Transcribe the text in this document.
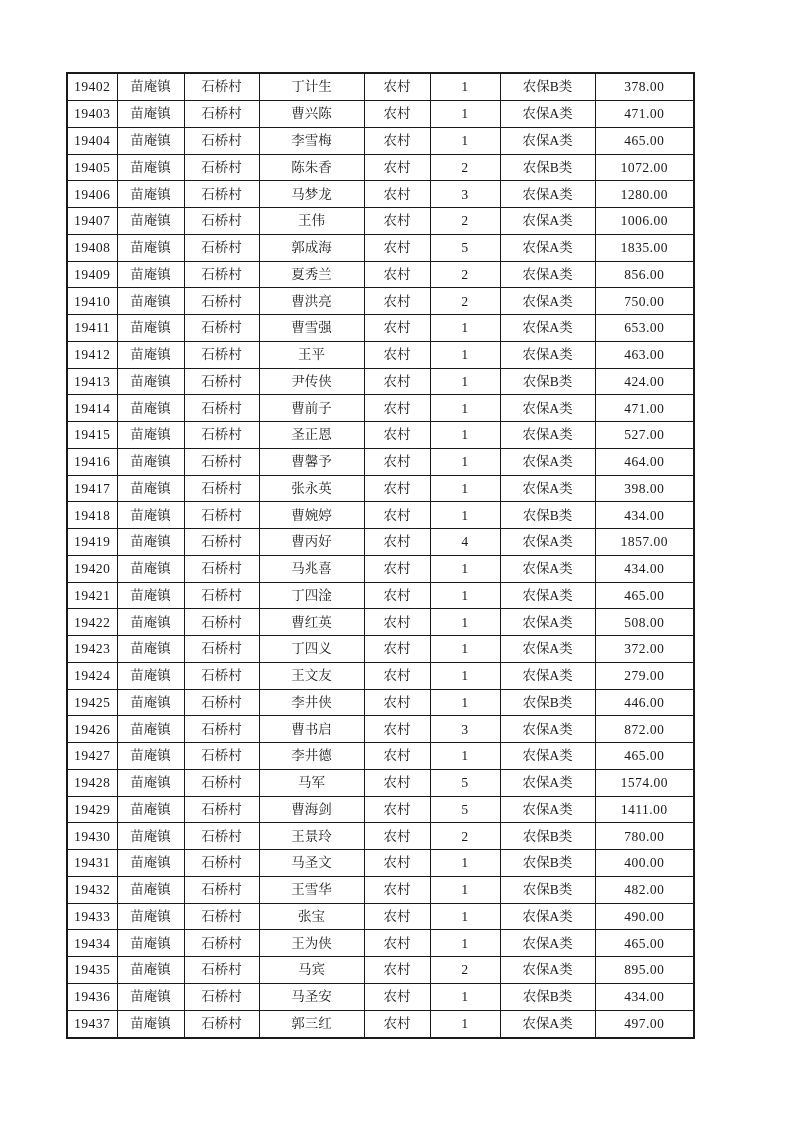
19402	苗庵镇	石桥村	丁计生	农村	1	农保B类	378.00
19403	苗庵镇	石桥村	曹兴陈	农村	1	农保A类	471.00
19404	苗庵镇	石桥村	李雪梅	农村	1	农保A类	465.00
19405	苗庵镇	石桥村	陈朱香	农村	2	农保B类	1072.00
19406	苗庵镇	石桥村	马梦龙	农村	3	农保A类	1280.00
19407	苗庵镇	石桥村	王伟	农村	2	农保A类	1006.00
19408	苗庵镇	石桥村	郭成海	农村	5	农保A类	1835.00
19409	苗庵镇	石桥村	夏秀兰	农村	2	农保A类	856.00
19410	苗庵镇	石桥村	曹洪亮	农村	2	农保A类	750.00
19411	苗庵镇	石桥村	曹雪强	农村	1	农保A类	653.00
19412	苗庵镇	石桥村	王平	农村	1	农保A类	463.00
19413	苗庵镇	石桥村	尹传侠	农村	1	农保B类	424.00
19414	苗庵镇	石桥村	曹前子	农村	1	农保A类	471.00
19415	苗庵镇	石桥村	圣正恩	农村	1	农保A类	527.00
19416	苗庵镇	石桥村	曹馨予	农村	1	农保A类	464.00
19417	苗庵镇	石桥村	张永英	农村	1	农保A类	398.00
19418	苗庵镇	石桥村	曹婉婷	农村	1	农保B类	434.00
19419	苗庵镇	石桥村	曹丙好	农村	4	农保A类	1857.00
19420	苗庵镇	石桥村	马兆喜	农村	1	农保A类	434.00
19421	苗庵镇	石桥村	丁四淦	农村	1	农保A类	465.00
19422	苗庵镇	石桥村	曹红英	农村	1	农保A类	508.00
19423	苗庵镇	石桥村	丁四义	农村	1	农保A类	372.00
19424	苗庵镇	石桥村	王文友	农村	1	农保A类	279.00
19425	苗庵镇	石桥村	李井侠	农村	1	农保B类	446.00
19426	苗庵镇	石桥村	曹书启	农村	3	农保A类	872.00
19427	苗庵镇	石桥村	李井德	农村	1	农保A类	465.00
19428	苗庵镇	石桥村	马军	农村	5	农保A类	1574.00
19429	苗庵镇	石桥村	曹海剑	农村	5	农保A类	1411.00
19430	苗庵镇	石桥村	王景玲	农村	2	农保B类	780.00
19431	苗庵镇	石桥村	马圣文	农村	1	农保B类	400.00
19432	苗庵镇	石桥村	王雪华	农村	1	农保B类	482.00
19433	苗庵镇	石桥村	张宝	农村	1	农保A类	490.00
19434	苗庵镇	石桥村	王为侠	农村	1	农保A类	465.00
19435	苗庵镇	石桥村	马宾	农村	2	农保A类	895.00
19436	苗庵镇	石桥村	马圣安	农村	1	农保B类	434.00
19437	苗庵镇	石桥村	郭三红	农村	1	农保A类	497.00
